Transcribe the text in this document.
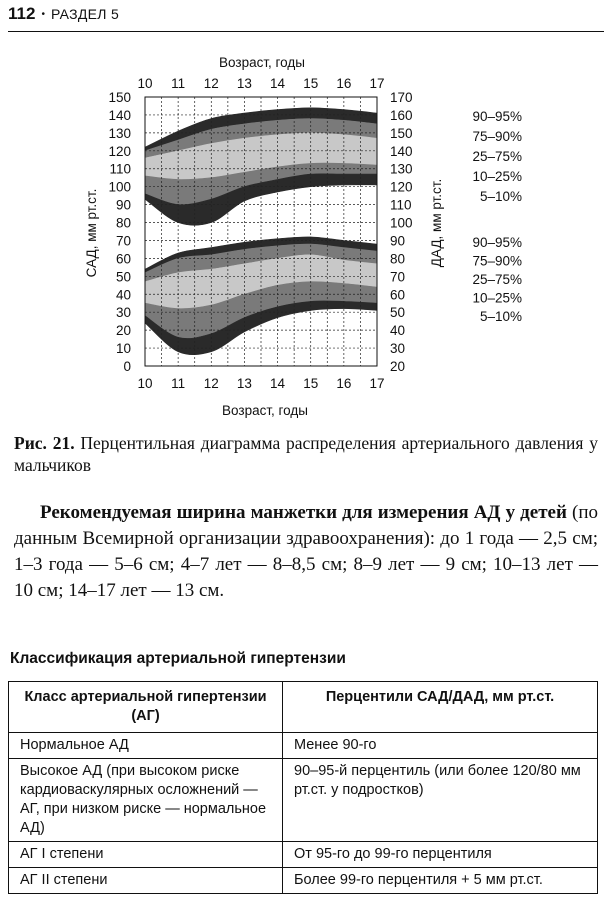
112 • РАЗДЕЛ 5
10 11 12 13 14 15 16 17
10 11 12 13 14 15 16 17
0
10
20
30
40
50
60
70
80
90
100
110
120
130
140
150
20
30
40
50
60
70
80
90
100
110
120
130
140
150
160
170
Возраст, годы
Возраст, годы
САД, мм рт.ст.	ДАД, мм рт.ст.
90–95%
75–90%
25–75%
10–25%
5–10%
90–95%
75–90%
25–75%
10–25%
5–10%
Рис. 21. Перцентильная диаграмма распределения артериального давления у мальчиков
Рекомендуемая ширина манжетки для измерения АД у детей (по данным Всемирной организации здравоохранения): до 1 года — 2,5 см; 1–3 года — 5–6 см; 4–7 лет — 8–8,5 см; 8–9 лет — 9 см; 10–13 лет — 10 см; 14–17 лет — 13 см.
Классификация артериальной гипертензии
Класс артериальной гипертензии (АГ)	Перцентили САД/ДАД, мм рт.ст.
Нормальное АД	Менее 90-го
Высокое АД (при высоком риске кардиоваскулярных осложнений — АГ, при низком риске — нормальное АД)	90–95-й перцентиль (или более 120/80 мм рт.ст. у подростков)
АГ I степени	От 95-го до 99-го перцентиля
АГ II степени	Более 99-го перцентиля + 5 мм рт.ст.
